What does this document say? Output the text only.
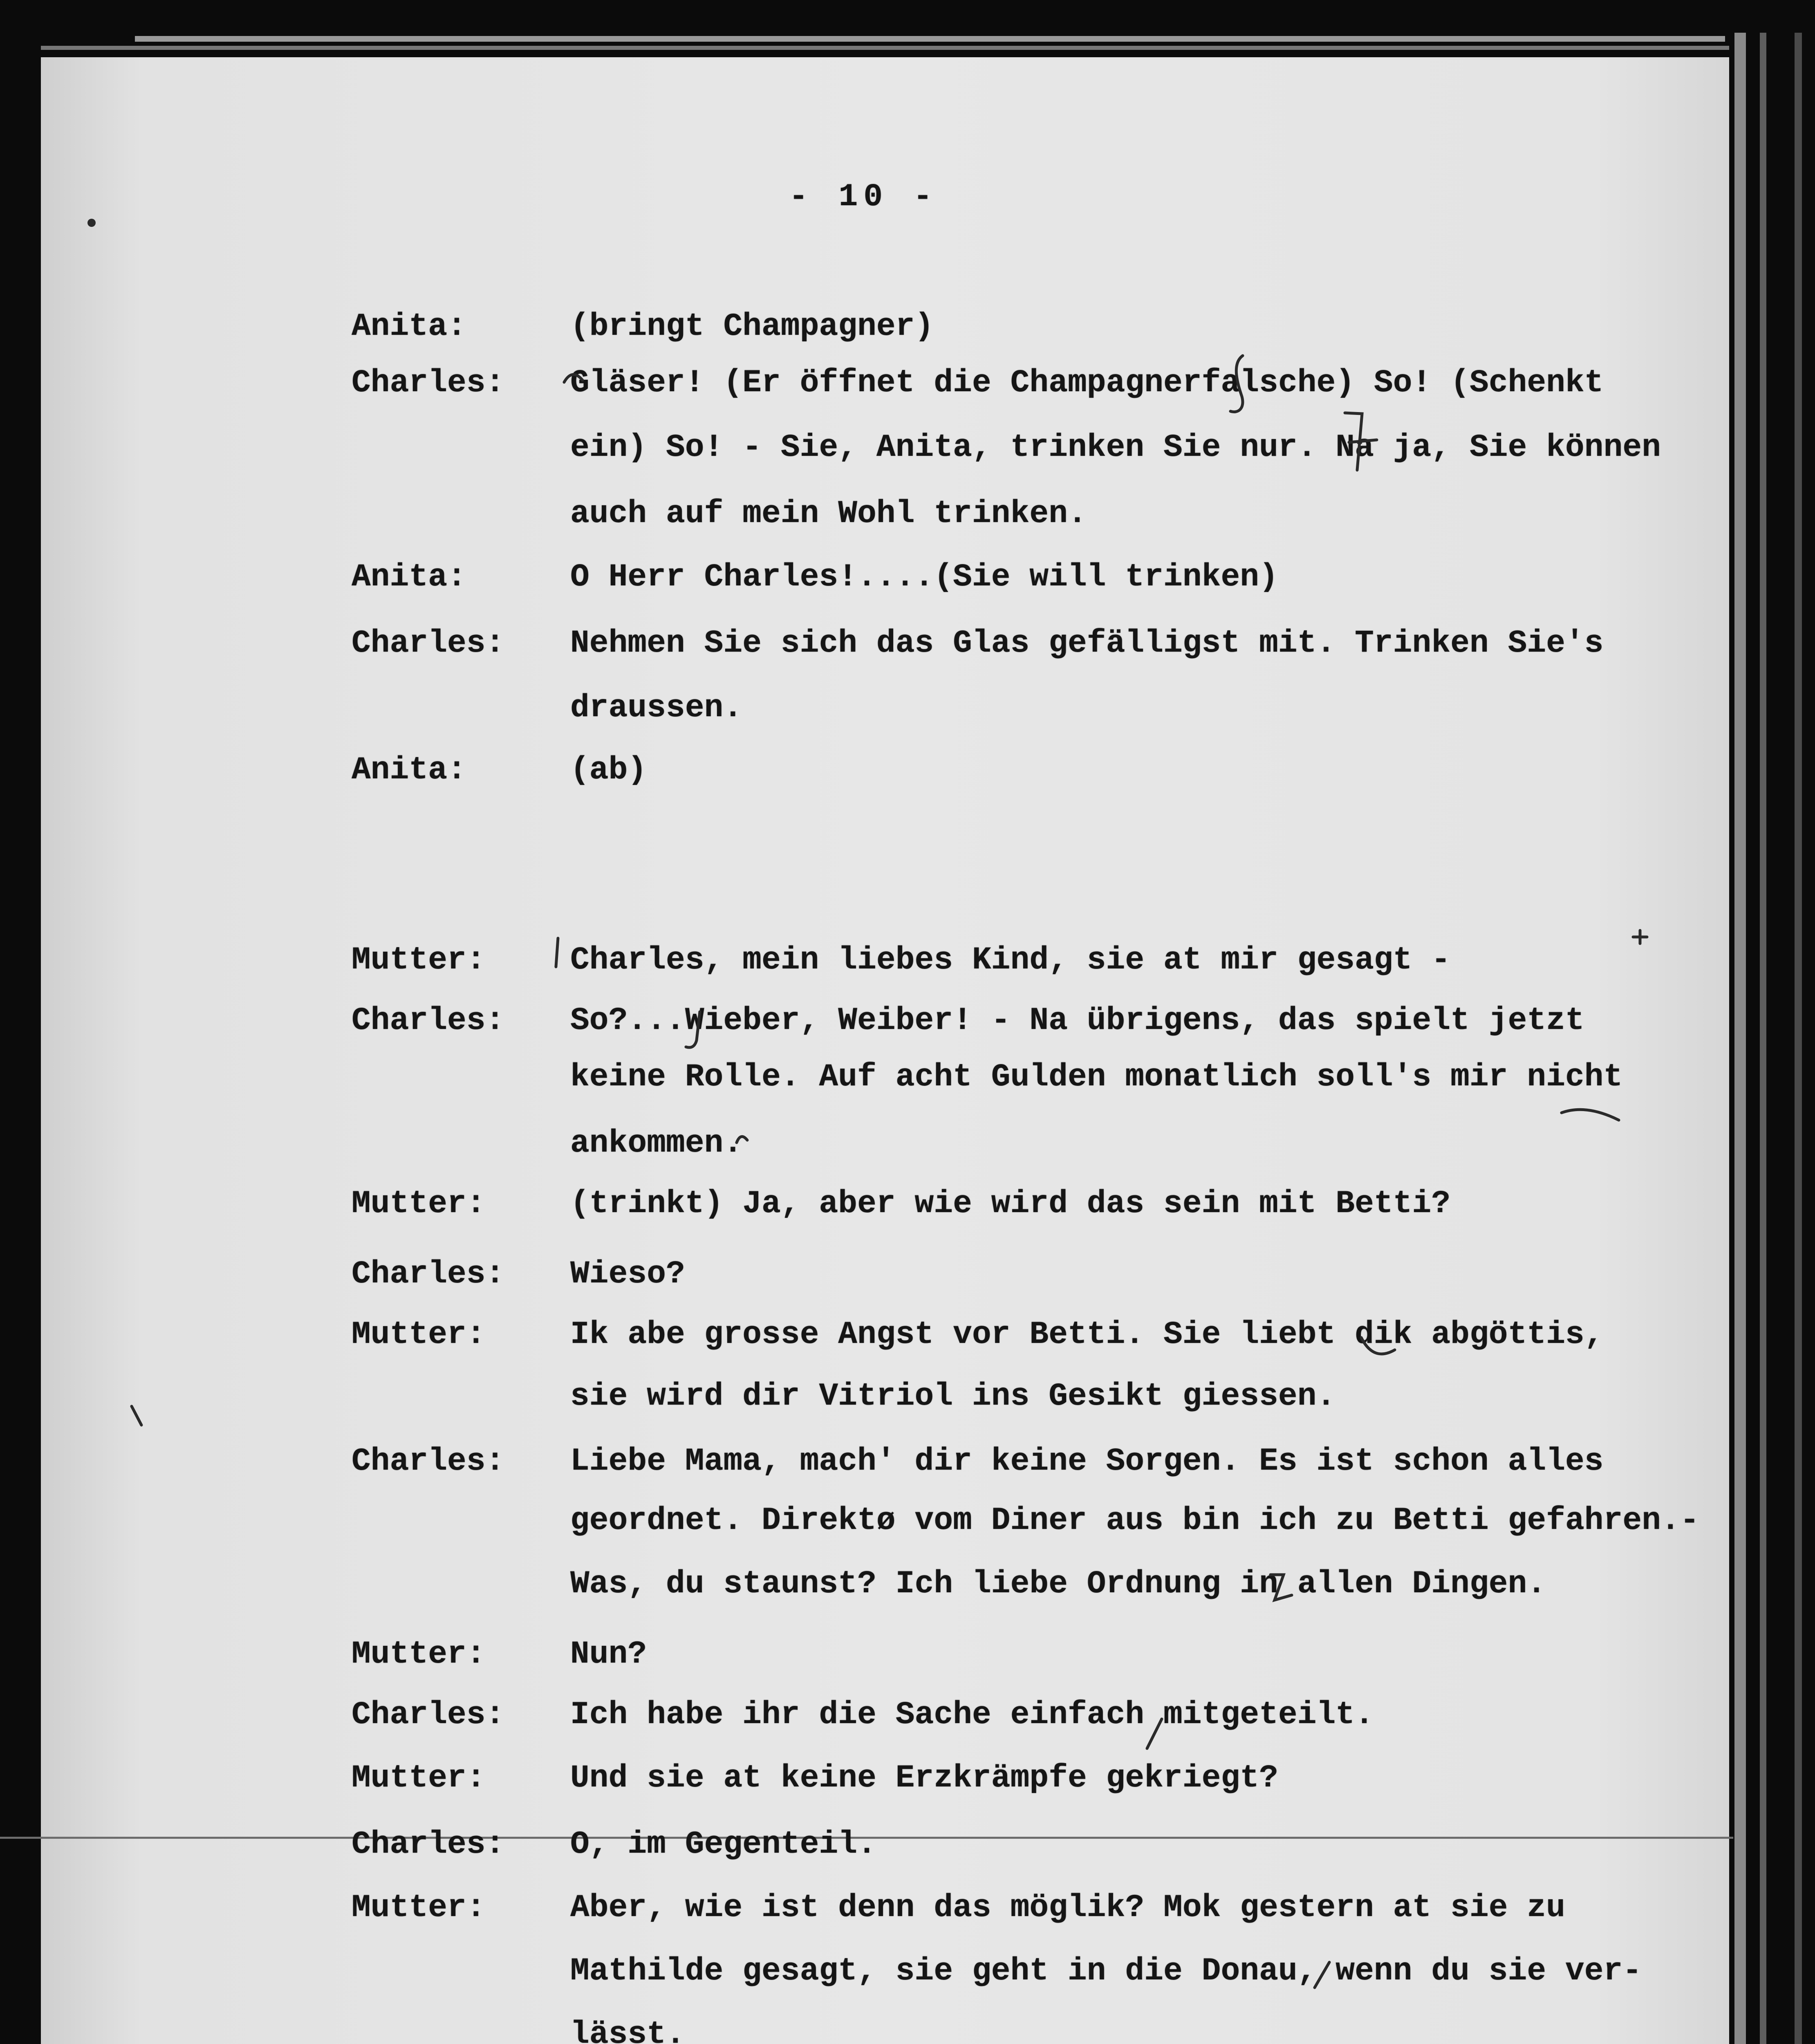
- 10 -
Anita:	(bringt Champagner)
Charles: Gläser! (Er öffnet die Champagnerfalsche) So! (Schenkt
ein) So! - Sie, Anita, trinken Sie nur. Na ja, Sie können
auch auf mein Wohl trinken.
Anita:	O Herr Charles!....(Sie will trinken)
Charles: Nehmen Sie sich das Glas gefälligst mit. Trinken Sie's
draussen.
Anita:	(ab)
Mutter:	Charles, mein liebes Kind, sie at mir gesagt -
Charles: So?...Wieber, Weiber! - Na übrigens, das spielt jetzt
keine Rolle. Auf acht Gulden monatlich soll's mir nicht
ankommen.
Mutter:	(trinkt) Ja, aber wie wird das sein mit Betti?
Charles: Wieso?
Mutter:	Ik abe grosse Angst vor Betti. Sie liebt dik abgöttis,
sie wird dir Vitriol ins Gesikt giessen.
Charles: Liebe Mama, mach' dir keine Sorgen. Es ist schon alles
geordnet. Direktø vom Diner aus bin ich zu Betti gefahren.-
Was, du staunst? Ich liebe Ordnung in allen Dingen.
Mutter:	Nun?
Charles: Ich habe ihr die Sache einfach mitgeteilt.
Mutter:	Und sie at keine Erzkrämpfe gekriegt?
Charles: O, im Gegenteil.
Mutter:	Aber, wie ist denn das möglik? Mok gestern at sie zu
Mathilde gesagt, sie geht in die Donau, wenn du sie ver-
lässt.
